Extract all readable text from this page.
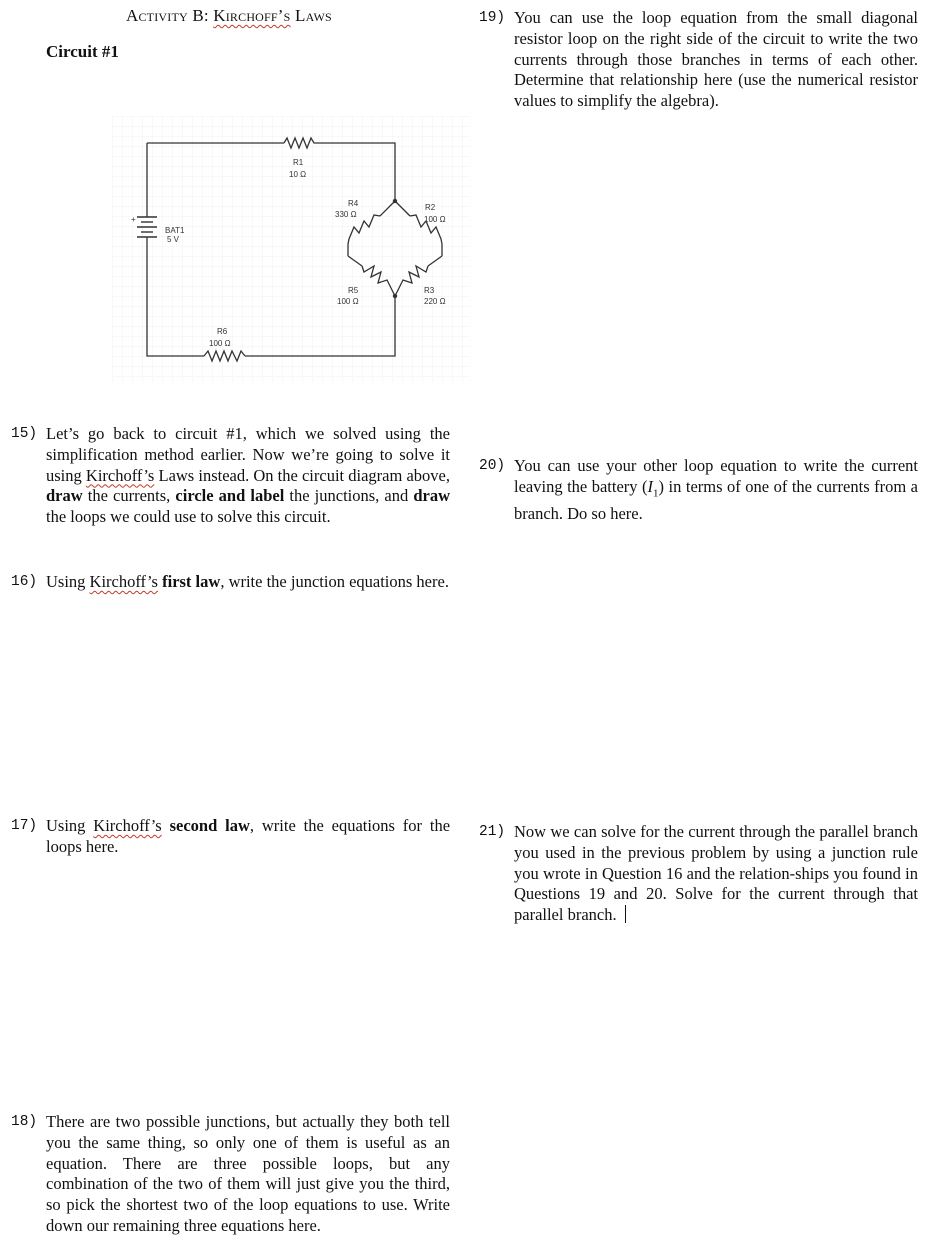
Activity B: Kirchoff’s Laws
Circuit #1
+
BAT1
5 V
R1
10 Ω
R4
330 Ω
R2
100 Ω
R5
100 Ω
R3
220 Ω
R6
100 Ω
15) Let’s go back to circuit #1, which we solved using the simplification method earlier. Now we’re going to solve it using Kirchoff’s Laws instead. On the circuit diagram above, draw the currents, circle and label the junctions, and draw the loops we could use to solve this circuit.
16) Using Kirchoff’s first law, write the junction equations here.
17) Using Kirchoff’s second law, write the equations for the loops here.
18) There are two possible junctions, but actually they both tell you the same thing, so only one of them is useful as an equation. There are three possible loops, but any combination of the two of them will just give you the third, so pick the shortest two of the loop equations to use. Write down our remaining three equations here.
19) You can use the loop equation from the small diagonal resistor loop on the right side of the circuit to write the two currents through those branches in terms of each other. Determine that relationship here (use the numerical resistor values to simplify the algebra).
20) You can use your other loop equation to write the current leaving the battery $(I_1)$ in terms of one of the currents from a branch. Do so here.
21) Now we can solve for the current through the parallel branch you used in the previous problem by using a junction rule you wrote in Question 16 and the relation-ships you found in Questions 19 and 20. Solve for the current through that parallel branch.
